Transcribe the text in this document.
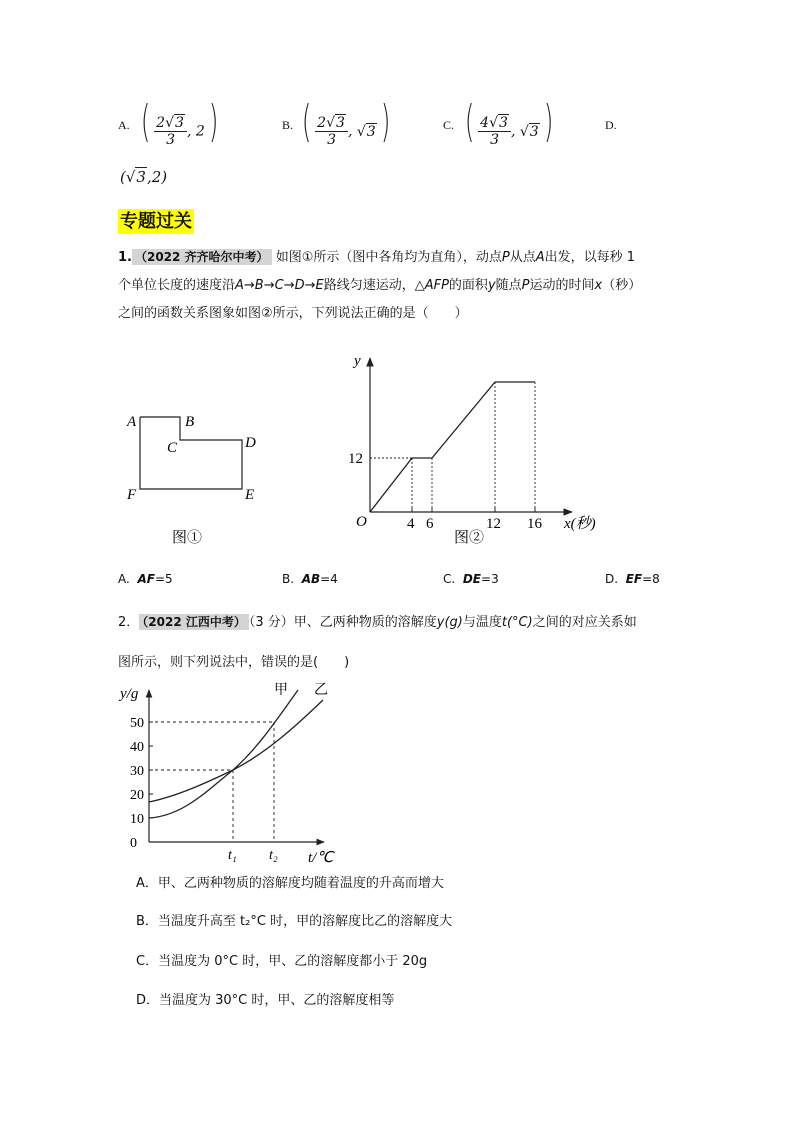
A. ( $\frac{2√3}{3}$ , 2)	B. ( $\frac{2√3}{3}$ , √3 )	C. ( $\frac{4√3}{3}$ , √3 )	D.
(√3,2)
专题过关
1. （2022 齐齐哈尔中考） 如图①所示（图中各角均为直角），动点P从点A出发，以每秒 1
个单位长度的速度沿A→B→C→D→E路线匀速运动，△AFP的面积y随点P运动的时间x（秒）
之间的函数关系图象如图②所示，下列说法正确的是（　　）
A	B
C	D
E
F
图①
y
x(秒)
O
12
4 6	12 16
图②
A. AF=5	B. AB=4	C. DE=3	D. EF=8
2． （2022 江西中考） （3 分）甲、乙两种物质的溶解度y(g)与温度t(°C)之间的对应关系如
图所示，则下列说法中，错误的是(　　)
y/g
0
10
20
30
40
50
t₁ t₂ t/℃
甲 乙
A．甲、乙两种物质的溶解度均随着温度的升高而增大
B．当温度升高至 t₂°C 时，甲的溶解度比乙的溶解度大
C．当温度为 0°C 时，甲、乙的溶解度都小于 20g
D．当温度为 30°C 时，甲、乙的溶解度相等
